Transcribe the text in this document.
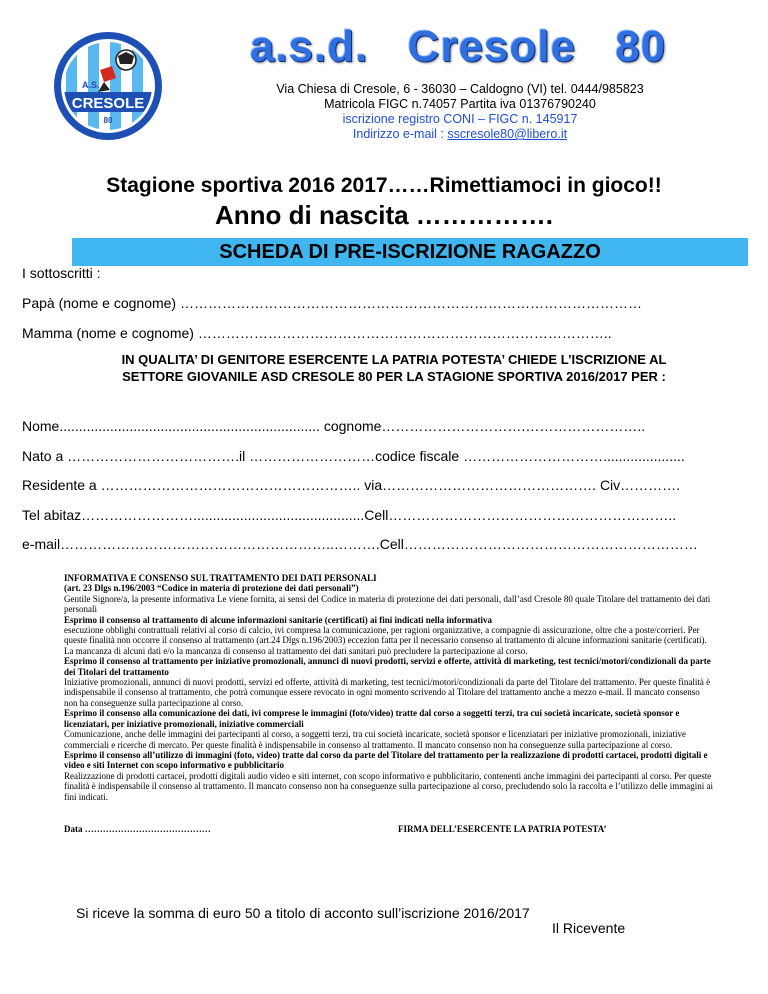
A.S.
CRESOLE
80
a.s.d. Cresole 80
Via Chiesa di Cresole, 6 - 36030 – Caldogno (VI) tel. 0444/985823
Matricola FIGC n.74057 Partita iva 01376790240
iscrizione registro CONI – FIGC n. 145917
Indirizzo e-mail : sscresole80@libero.it
Stagione sportiva 2016 2017……Rimettiamoci in gioco!!
Anno di nascita …………….
SCHEDA DI PRE-ISCRIZIONE RAGAZZO
I sottoscritti :
Papà (nome e cognome) ………………………………………………………………………………………
Mamma (nome e cognome) ……………………………………………………………………………..
IN QUALITA’ DI GENITORE ESERCENTE LA PATRIA POTESTA’ CHIEDE L’ISCRIZIONE AL
SETTORE GIOVANILE ASD CRESOLE 80 PER LA STAGIONE SPORTIVA 2016/2017 PER :
Nome................................................................... cognome………………………….……………………..
Nato a ……………………………….il ………………………codice fiscale ………………………….....................
Residente a ……………………………………………….. via………………………………………. Civ………….
Tel abitaz……………………............................................Cell……………………………………………………..
e-mail…………………………………………………..……….Cell………………………………………………………

INFORMATIVA E CONSENSO SUL TRATTAMENTO DEI DATI PERSONALI

(art. 23 Dlgs n.196/2003 “Codice in materia di protezione dei dati personali”)

Gentile Signore/a, la presente informativa Le viene fornita, ai sensi del Codice in materia di protezione dei dati personali, dall’asd Cresole 80 quale Titolare del trattamento dei dati personali

Esprimo il consenso al trattamento di alcune informazioni sanitarie (certificati) ai fini indicati nella informativa

esecuzione obblighi contrattuali relativi al corso di calcio, ivi compresa la comunicazione, per ragioni organizzative, a compagnie di assicurazione, oltre che a poste/corrieri. Per queste finalità non occorre il consenso al trattamento (art.24 Dlgs n.196/2003) eccezion fatta per il necessario consenso al trattamento di alcune informazioni sanitarie (certificati). La mancanza di alcuni dati e/o la mancanza di consenso al trattamento dei dati sanitari può precludere la partecipazione al corso.

Esprimo il consenso al trattamento per iniziative promozionali, annunci di nuovi prodotti, servizi e offerte, attività di marketing, test tecnici/motori/condizionali da parte dei Titolari del trattamento

Iniziative promozionali, annunci di nuovi prodotti, servizi ed offerte, attività di marketing, test tecnici/motori/condizionali da parte del Titolare del trattamento. Per queste finalità è indispensabile il consenso al trattamento, che potrà comunque essere revocato in ogni momento scrivendo al Titolare del trattamento anche a mezzo e-mail. Il mancato consenso non ha conseguenze sulla partecipazione al corso.

Esprimo il consenso alla comunicazione dei dati, ivi comprese le immagini (foto/video) tratte dal corso a soggetti terzi, tra cui società incaricate, società sponsor e licenziatari, per iniziative promozionali, iniziative commerciali

Comunicazione, anche delle immagini dei partecipanti al corso, a soggetti terzi, tra cui società incaricate, società sponsor e licenziatari per iniziative promozionali, iniziative commerciali e ricerche di mercato. Per queste finalità è indispensabile in consenso al trattamento. Il mancato consenso non ha conseguenze sulla partecipazione al corso.

Esprimo il consenso all’utilizzo di immagini (foto, video) tratte dal corso da parte del Titolare del trattamento per la realizzazione di prodotti cartacei, prodotti digitali e video e siti Internet con scopo informativo e pubblicitario

Realizzazione di prodotti cartacei, prodotti digitali audio video e siti internet, con scopo informativo e pubblicitario, contenenti anche immagini dei partecipanti al corso. Per queste finalità è indispensabile il consenso al trattamento. Il mancato consenso non ha conseguenze sulla partecipazione al corso, precludendo solo la raccolta e l’utilizzo delle immagini ai fini indicati.

Data ……………………………………	FIRMA DELL’ESERCENTE LA PATRIA POTESTA’
Si riceve la somma di euro 50 a titolo di acconto sull’iscrizione 2016/2017
Il Ricevente
